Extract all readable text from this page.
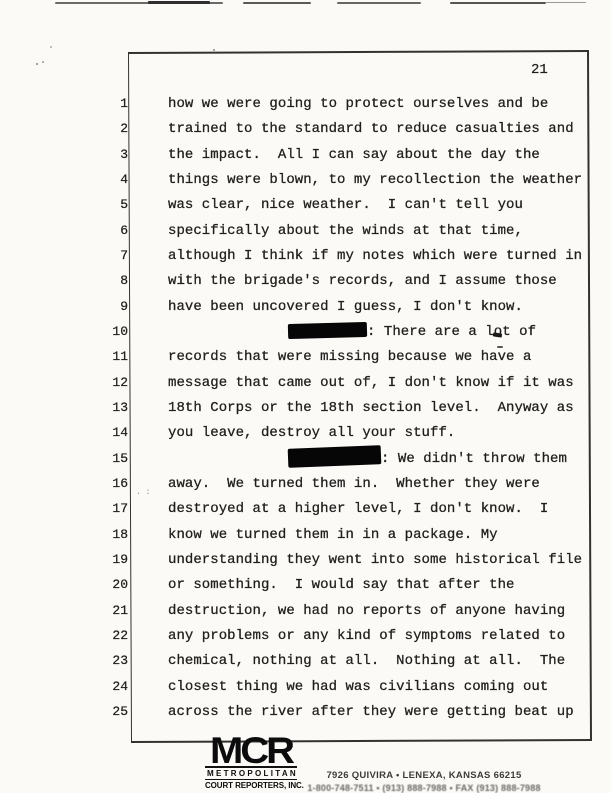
. :
21
1	how we were going to protect ourselves and be
2	trained to the standard to reduce casualties and
3	the impact.  All I can say about the day the
4	things were blown, to my recollection the weather
5	was clear, nice weather.  I can't tell you
6	specifically about the winds at that time,
7	although I think if my notes which were turned in
8	with the brigade's records, and I assume those
9	have been uncovered I guess, I don't know.
10	: There are a lot of
11	records that were missing because we have a
12	message that came out of, I don't know if it was
13	18th Corps or the 18th section level.  Anyway as
14	you leave, destroy all your stuff.
15	: We didn't throw them
16	away.  We turned them in.  Whether they were
17	destroyed at a higher level, I don't know.  I
18	know we turned them in in a package. My
19	understanding they went into some historical file
20	or something.  I would say that after the
21	destruction, we had no reports of anyone having
22	any problems or any kind of symptoms related to
23	chemical, nothing at all.  Nothing at all.  The
24	closest thing we had was civilians coming out
25	across the river after they were getting beat up
MCR
METROPOLITAN
COURT REPORTERS, INC.
7926 QUIVIRA • LENEXA, KANSAS 66215
1-800-748-7511 • (913) 888-7988 • FAX (913) 888-7988
